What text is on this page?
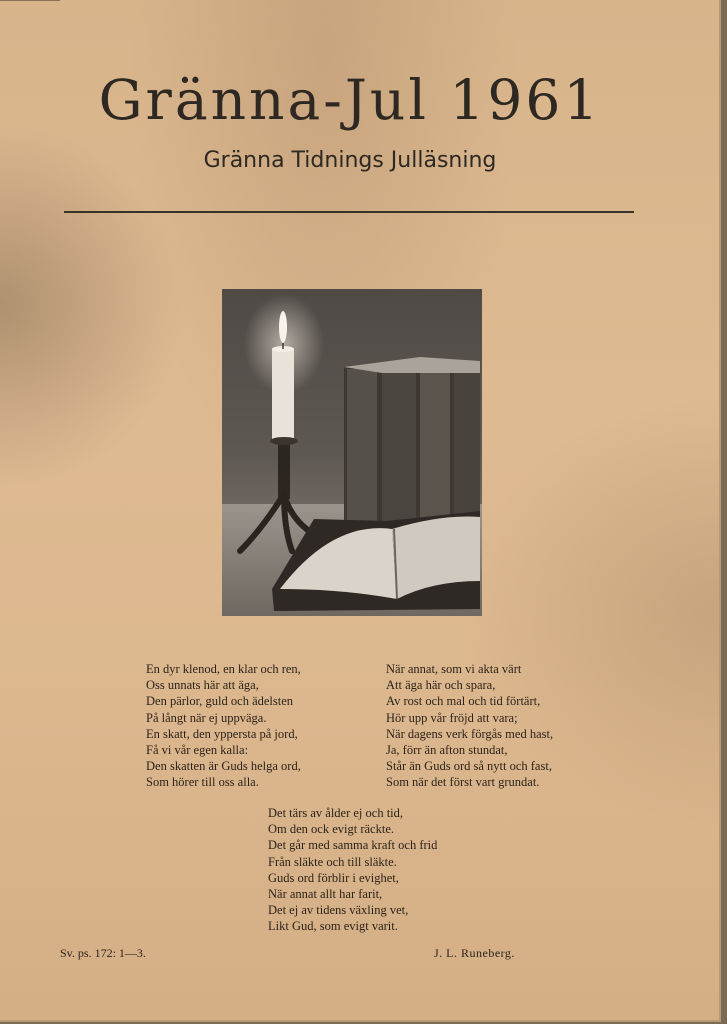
Gränna-Jul 1961
Gränna Tidnings Julläsning
En dyr klenod, en klar och ren,
Oss unnats här att äga,
Den pärlor, guld och ädelsten
På långt när ej uppväga.
En skatt, den yppersta på jord,
Få vi vår egen kalla:
Den skatten är Guds helga ord,
Som hörer till oss alla.
När annat, som vi akta värt
Att äga här och spara,
Av rost och mal och tid förtärt,
Hör upp vår fröjd att vara;
När dagens verk förgås med hast,
Ja, förr än afton stundat,
Står än Guds ord så nytt och fast,
Som när det först vart grundat.
Det tärs av ålder ej och tid,
Om den ock evigt räckte.
Det går med samma kraft och frid
Från släkte och till släkte.
Guds ord förblir i evighet,
När annat allt har farit,
Det ej av tidens växling vet,
Likt Gud, som evigt varit.
Sv. ps. 172: 1—3.	J. L. Runeberg.
